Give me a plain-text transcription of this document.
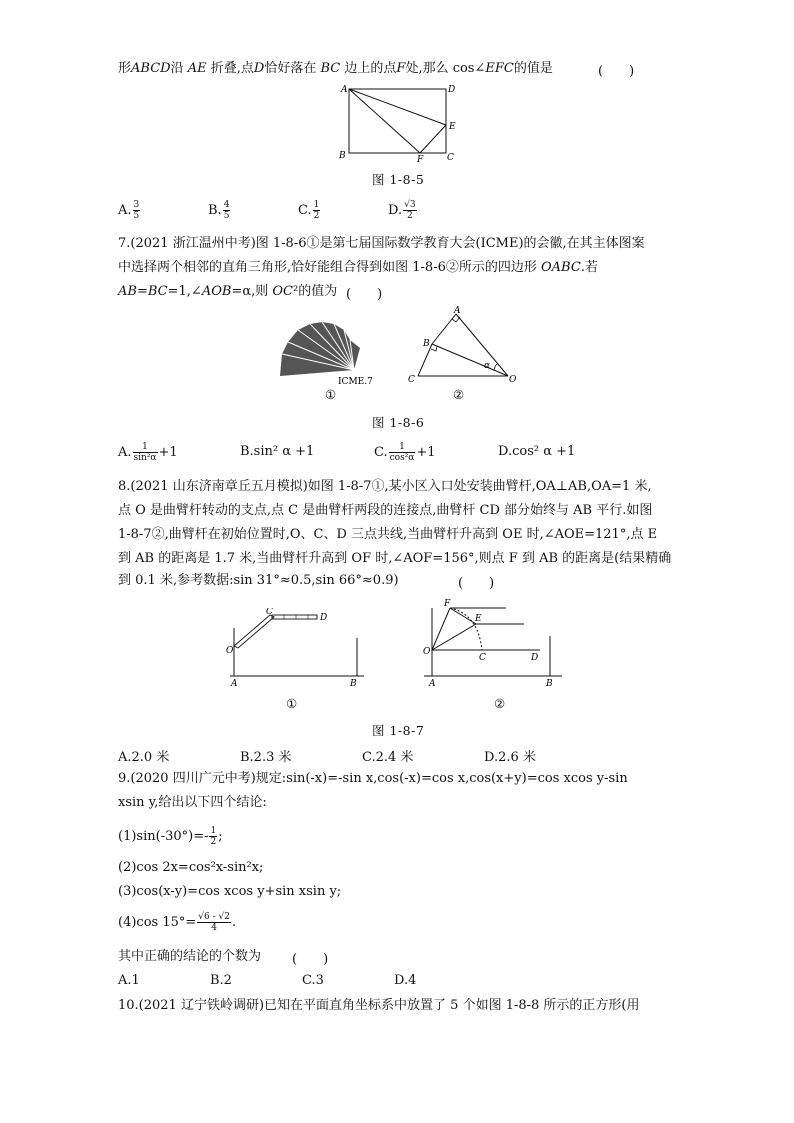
形ABCD沿 AE 折叠,点D恰好落在 BC 边上的点F处,那么 cos∠EFC的值是	(　　)
A	D
E
B	F	C
图 1-8-5
A. $\frac{3}{5}$	B. $\frac{4}{5}$	C. $\frac{1}{2}$	D. $\frac{√3}{2}$
7.(2021 浙江温州中考)图 1-8-6①是第七届国际数学教育大会(ICME)的会徽,在其主体图案
中选择两个相邻的直角三角形,恰好能组合得到如图 1-8-6②所示的四边形 OABC.若
AB=BC=1,∠AOB=α,则 OC²的值为 (　　)
ICME.7
A
B
C	O
α
①	②
图 1-8-6
A. $\frac{1}{\text{sin²α}} +1$	B.sin² α +1	C. $\frac{1}{\text{cos²α}} +1$	D.cos² α +1
8.(2021 山东济南章丘五月模拟)如图 1-8-7①,某小区入口处安装曲臂杆,OA⊥AB,OA=1 米,
点 O 是曲臂杆转动的支点,点 C 是曲臂杆两段的连接点,曲臂杆 CD 部分始终与 AB 平行.如图
1-8-7②,曲臂杆在初始位置时,O、C、D 三点共线,当曲臂杆升高到 OE 时,∠AOE=121°,点 E
到 AB 的距离是 1.7 米,当曲臂杆升高到 OF 时,∠AOF=156°,则点 F 到 AB 的距离是(结果精确
到 0.1 米,参考数据:sin 31°≈0.5,sin 66°≈0.9)	(　　)
C
D
O
A	B
F
E
O
C	D
A	B
①	②
图 1-8-7
A.2.0 米	B.2.3 米	C.2.4 米	D.2.6 米
9.(2020 四川广元中考)规定:sin(-x)=-sin x,cos(-x)=cos x,cos(x+y)=cos xcos y-sin
xsin y,给出以下四个结论:
$(1)\sin(-30^\circ)=- \frac{1}{2}$ ;
(2)cos 2x=cos²x-sin²x;
(3)cos(x-y)=cos xcos y+sin xsin y;
(4)cos $15^\circ= \frac{√6 - √2}{4}$ .
其中正确的结论的个数为 (　　)
A.1	B.2	C.3	D.4
10.(2021 辽宁铁岭调研)已知在平面直角坐标系中放置了 5 个如图 1-8-8 所示的正方形(用
